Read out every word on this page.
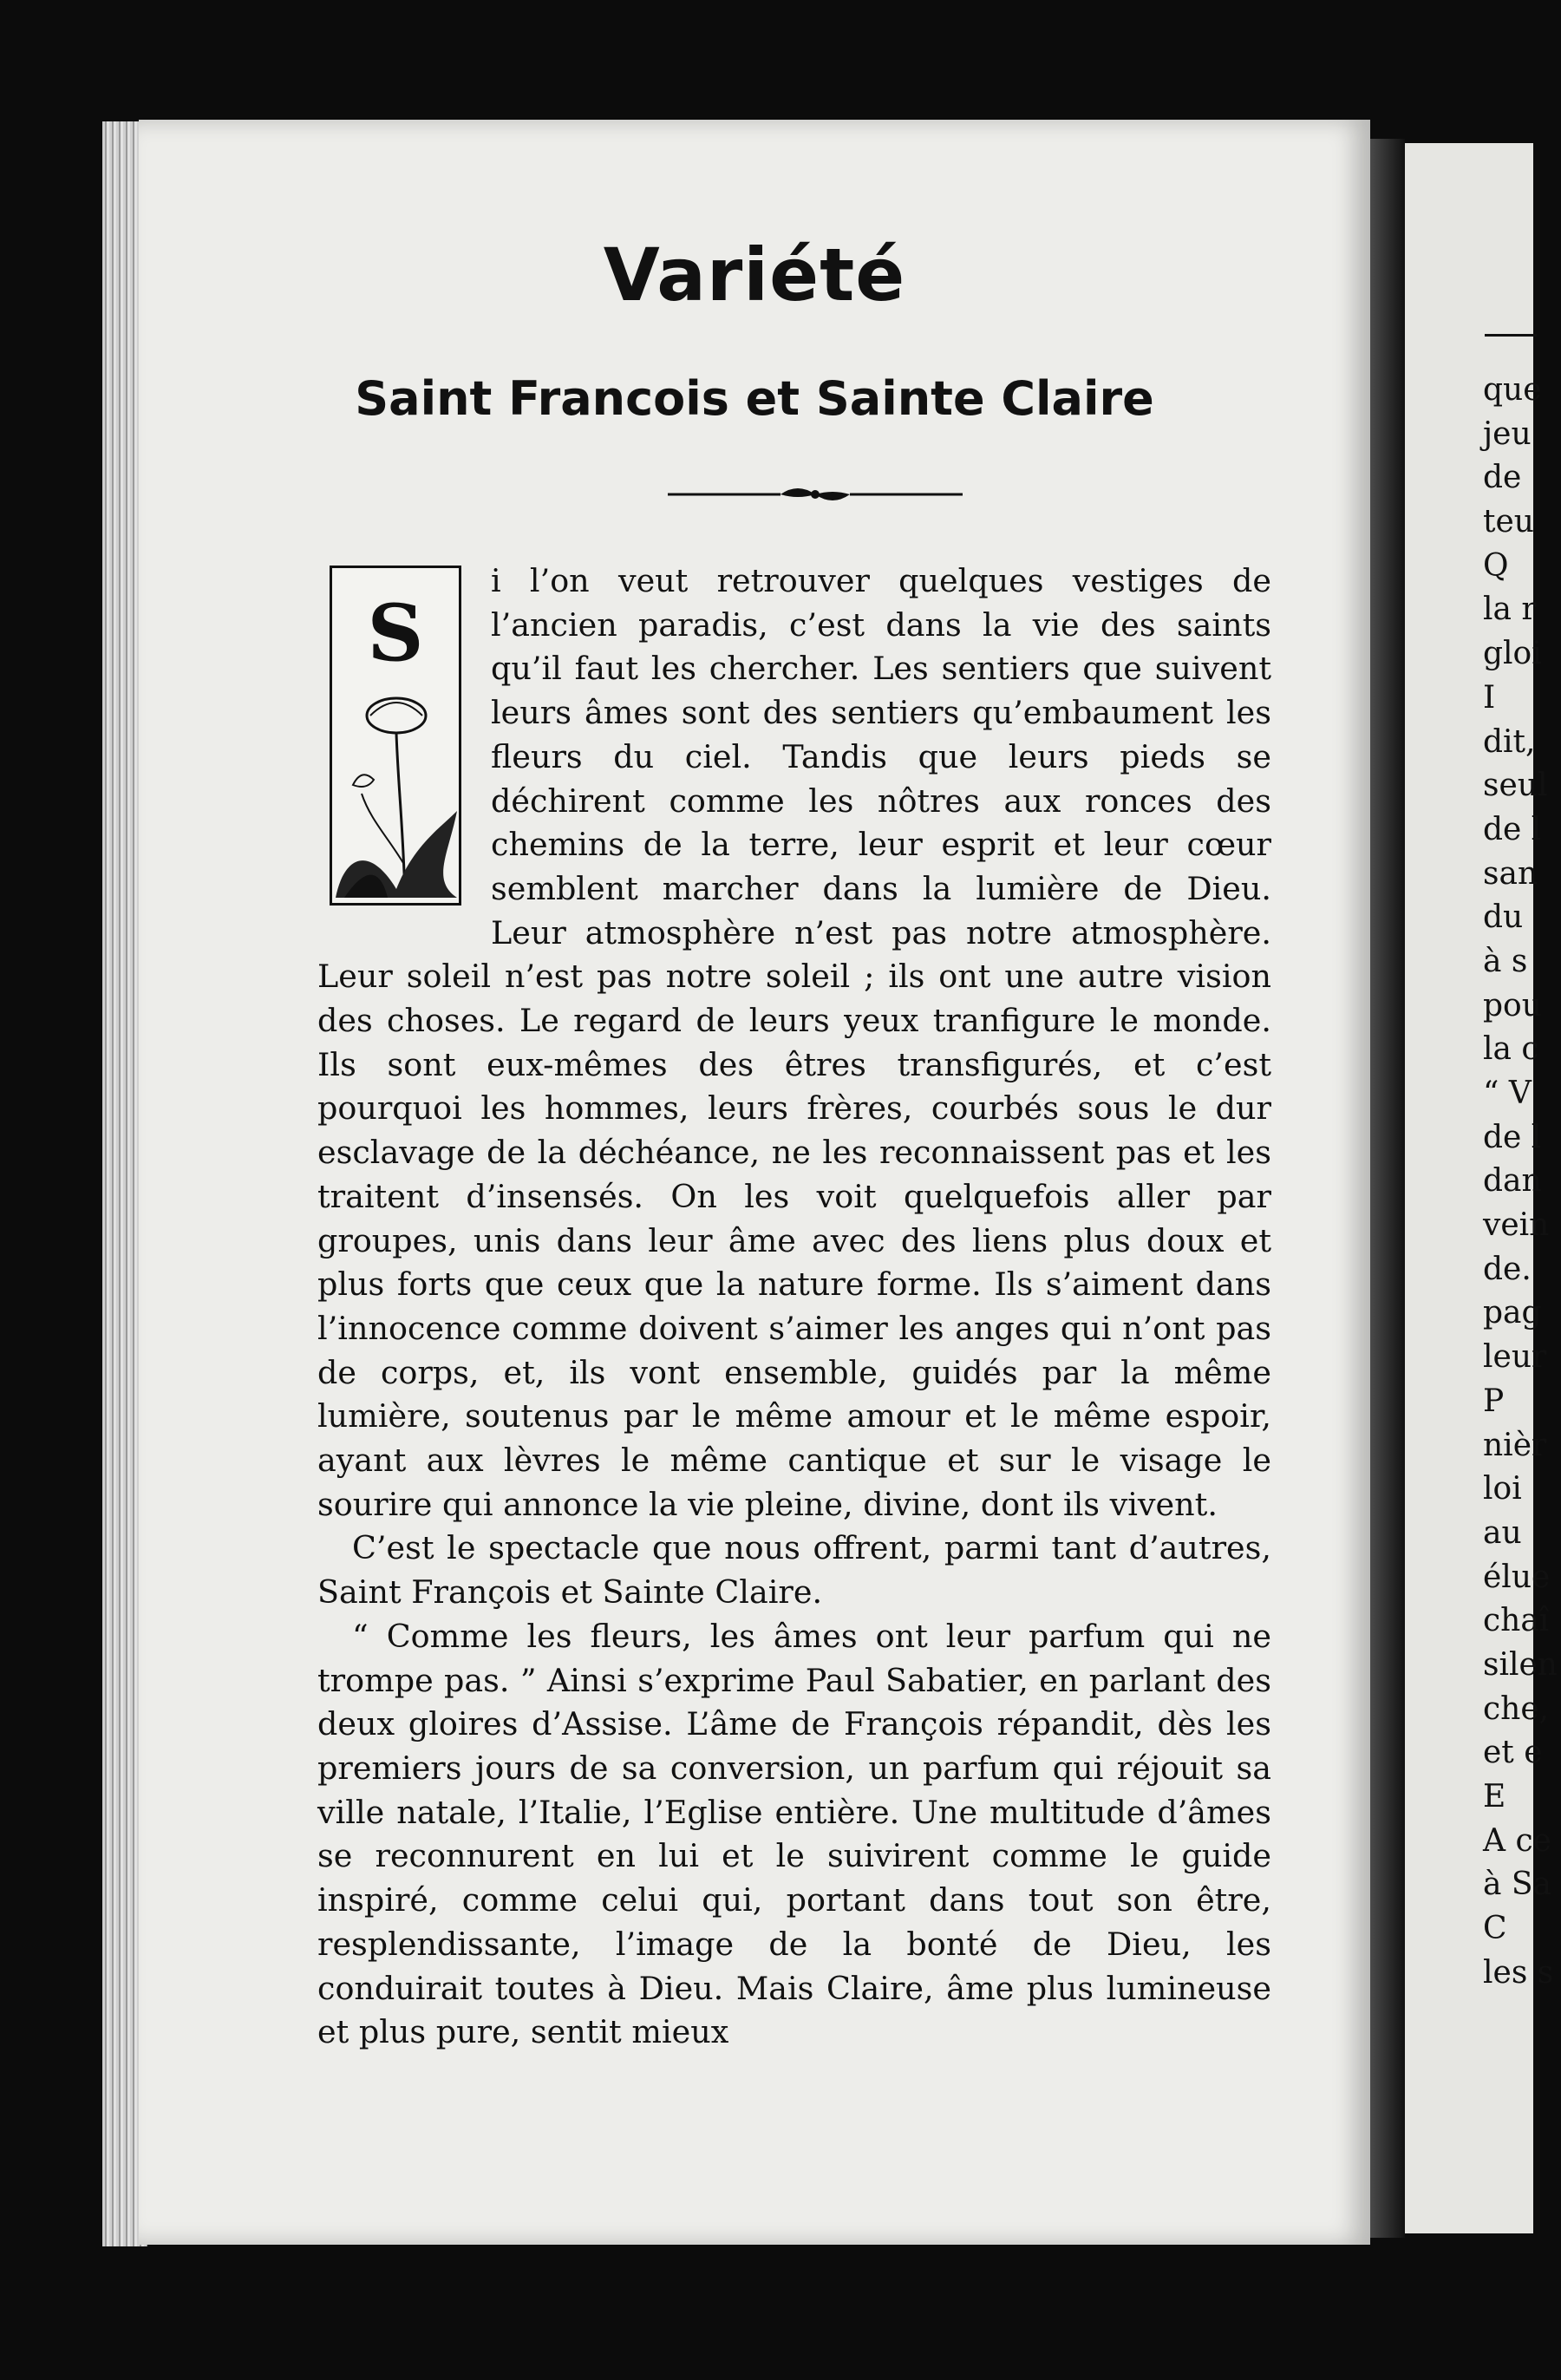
Variété
Saint Francois et Sainte Claire
S

i l’on veut retrouver quelques vestiges de l’ancien paradis, c’est dans la vie des saints qu’il faut les chercher. Les sentiers que suivent leurs âmes sont des sentiers qu’embaument les fleurs du ciel. Tandis que leurs pieds se déchirent comme les nôtres aux ronces des chemins de la terre, leur esprit et leur cœur semblent marcher dans la lumière de Dieu. Leur atmosphère n’est pas notre atmosphère. Leur soleil n’est pas notre soleil ; ils ont une autre vision des choses. Le regard de leurs yeux tranfigure le monde. Ils sont eux-mêmes des êtres transfigurés, et c’est pourquoi les hommes, leurs frères, courbés sous le dur esclavage de la déchéance, ne les reconnaissent pas et les traitent d’insensés. On les voit quelquefois aller par groupes, unis dans leur âme avec des liens plus doux et plus forts que ceux que la nature forme. Ils s’aiment dans l’innocence comme doivent s’aimer les anges qui n’ont pas de corps, et, ils vont ensemble, guidés par la même lumière, soutenus par le même amour et le même espoir, ayant aux lèvres le même cantique et sur le visage le sourire qui annonce la vie pleine, divine, dont ils vivent.

C’est le spectacle que nous offrent, parmi tant d’autres, Saint François et Sainte Claire.

“ Comme les fleurs, les âmes ont leur parfum qui ne trompe pas. ” Ainsi s’exprime Paul Sabatier, en parlant des deux gloires d’Assise. L’âme de François répandit, dès les premiers jours de sa conversion, un parfum qui réjouit sa ville natale, l’Italie, l’Eglise entière. Une multitude d’âmes se reconnurent en lui et le suivirent comme le guide inspiré, comme celui qui, portant dans tout son être, resplendissante, l’image de la bonté de Dieu, les conduirait toutes à Dieu. Mais Claire, âme plus lumineuse et plus pure, sentit mieux

que
jeu
de
teu
Q
la r
gloi
I
dit,
seul
de l
san
du
à s
pou
la c
“ V
de l
dan
vein
de.
pag
leur
P
nièr
loi
au
élue
chaî
silen
che,
et e
E
A ce
à Sa
C
les s
